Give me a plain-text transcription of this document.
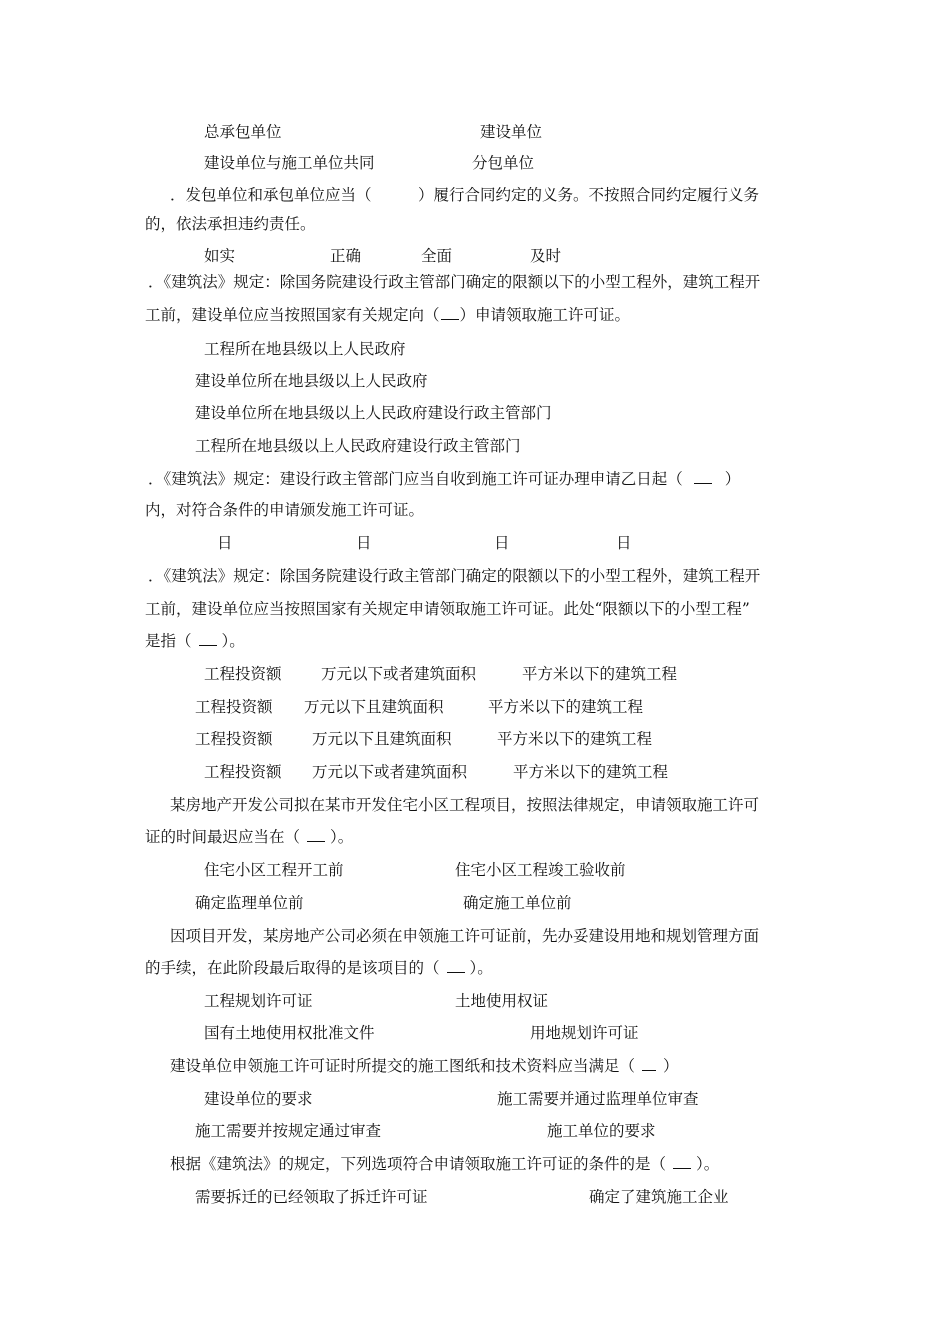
总承包单位	建设单位
建设单位与施工单位共同	分包单位
．发包单位和承包单位应当（　　　）履行合同约定的义务。不按照合同约定履行义务
的，依法承担违约责任。
如实	正确	全面	及时
．《建筑法》规定：除国务院建设行政主管部门确定的限额以下的小型工程外，建筑工程开
工前，建设单位应当按照国家有关规定向（ ）申请领取施工许可证。
工程所在地县级以上人民政府
建设单位所在地县级以上人民政府
建设单位所在地县级以上人民政府建设行政主管部门
工程所在地县级以上人民政府建设行政主管部门
．《建筑法》规定：建设行政主管部门应当自收到施工许可证办理申请乙日起（	）
内，对符合条件的申请颁发施工许可证。
日	日	日	日
．《建筑法》规定：除国务院建设行政主管部门确定的限额以下的小型工程外，建筑工程开
工前，建设单位应当按照国家有关规定申请领取施工许可证。此处“限额以下的小型工程”
是指（ ）。
工程投资额	万元以下或者建筑面积	平方米以下的建筑工程
工程投资额 万元以下且建筑面积	平方米以下的建筑工程
工程投资额	万元以下且建筑面积	平方米以下的建筑工程
工程投资额 万元以下或者建筑面积	平方米以下的建筑工程
某房地产开发公司拟在某市开发住宅小区工程项目，按照法律规定，申请领取施工许可
证的时间最迟应当在（ ）。
住宅小区工程开工前	住宅小区工程竣工验收前
确定监理单位前	确定施工单位前
因项目开发，某房地产公司必须在申领施工许可证前，先办妥建设用地和规划管理方面
的手续，在此阶段最后取得的是该项目的（ ）。
工程规划许可证	土地使用权证
国有土地使用权批准文件	用地规划许可证
建设单位申领施工许可证时所提交的施工图纸和技术资料应当满足（ ）
建设单位的要求	施工需要并通过监理单位审查
施工需要并按规定通过审查	施工单位的要求
根据《建筑法》的规定，下列选项符合申请领取施工许可证的条件的是（ ）。
需要拆迁的已经领取了拆迁许可证	确定了建筑施工企业
